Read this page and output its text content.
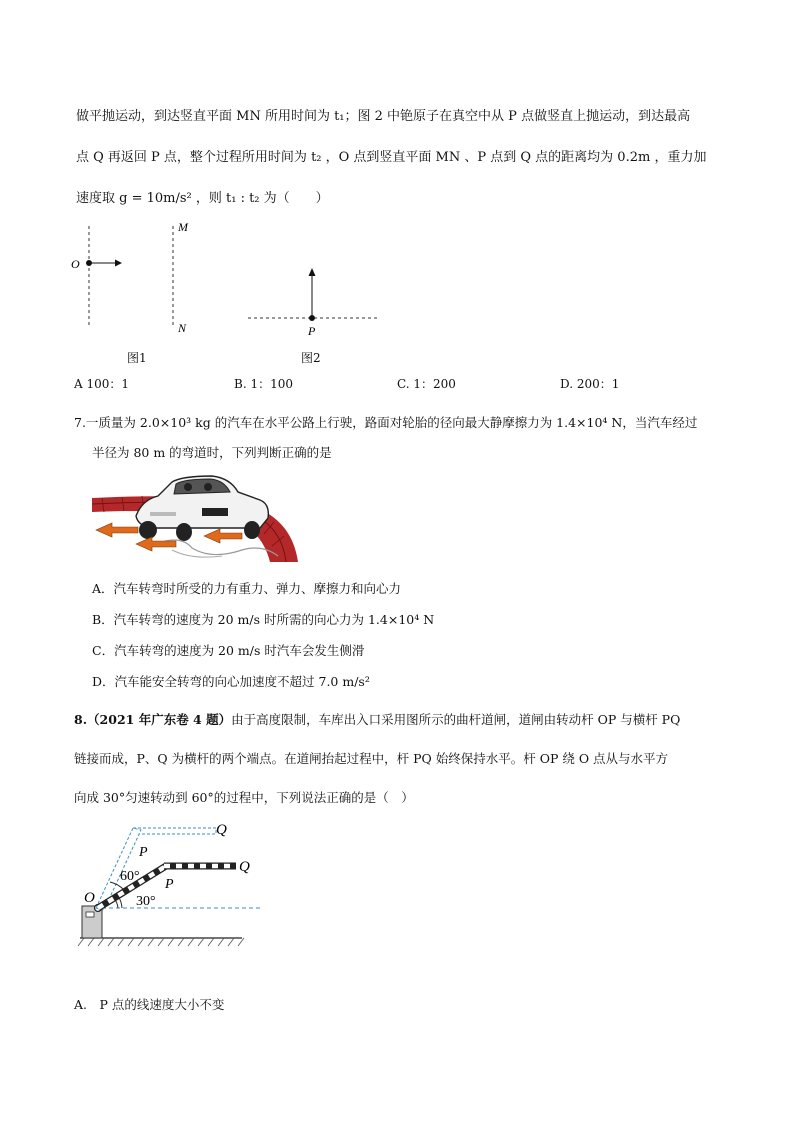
做平抛运动，到达竖直平面 MN 所用时间为 t₁；图 2 中铯原子在真空中从 P 点做竖直上抛运动，到达最高
点 Q 再返回 P 点，整个过程所用时间为 t₂ ，O 点到竖直平面 MN 、P 点到 Q 点的距离均为 0.2m ，重力加
速度取 g = 10m/s² ，则 t₁ : t₂ 为（　　）
O
M
N
图1
P
图2
A 100：1	B. 1：100	C. 1：200	D. 200：1
7.一质量为 2.0×10³ kg 的汽车在水平公路上行驶，路面对轮胎的径向最大静摩擦力为 1.4×10⁴ N，当汽车经过
半径为 80 m 的弯道时，下列判断正确的是
A．汽车转弯时所受的力有重力、弹力、摩擦力和向心力
B．汽车转弯的速度为 20 m/s 时所需的向心力为 1.4×10⁴ N
C．汽车转弯的速度为 20 m/s 时汽车会发生侧滑
D．汽车能安全转弯的向心加速度不超过 7.0 m/s²
8.（2021 年广东卷 4 题）由于高度限制，车库出入口采用图所示的曲杆道闸，道闸由转动杆 OP 与横杆 PQ
链接而成，P、Q 为横杆的两个端点。在道闸抬起过程中，杆 PQ 始终保持水平。杆 OP 绕 O 点从与水平方
向成 30°匀速转动到 60°的过程中，下列说法正确的是（　）
O
P
P
Q
Q
60°
30°
A.　P 点的线速度大小不变
